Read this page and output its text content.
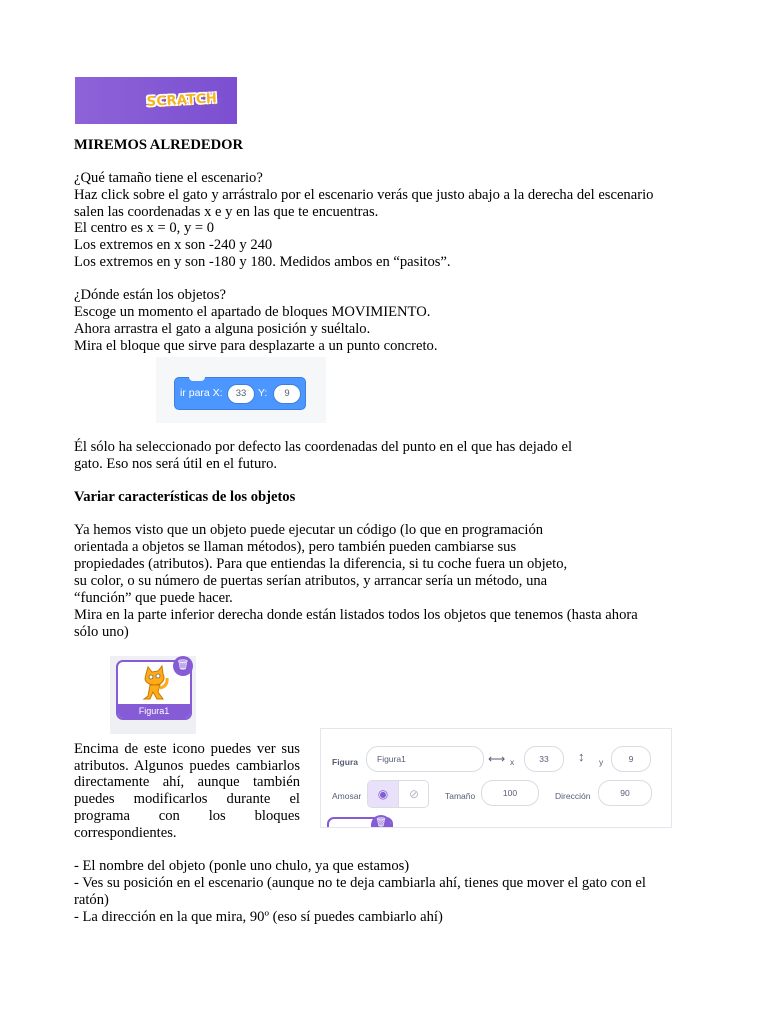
SCRATCH

MIREMOS ALREDEDOR

¿Qué tamaño tiene el escenario?

Haz click sobre el gato y arrástralo por el escenario verás que justo abajo a la derecha del escenario

salen las coordenadas x e y en las que te encuentras.

El centro es x = 0, y = 0

Los extremos en x son -240 y 240

Los extremos en y son -180 y 180. Medidos ambos en “pasitos”.

¿Dónde están los objetos?

Escoge un momento el apartado de bloques MOVIMIENTO.

Ahora arrastra el gato a alguna posición y suéltalo.

Mira el bloque que sirve para desplazarte a un punto concreto.

ir para X:	33	Y:	9

Él sólo ha seleccionado por defecto las coordenadas del punto en el que has dejado el

gato. Eso nos será útil en el futuro.

Variar características de los objetos

Ya hemos visto que un objeto puede ejecutar un código (lo que en programación

orientada a objetos se llaman métodos), pero también pueden cambiarse sus

propiedades (atributos). Para que entiendas la diferencia, si tu coche fuera un objeto,

su color, o su número de puertas serían atributos, y arrancar sería un método, una

“función” que puede hacer.

Mira en la parte inferior derecha donde están listados todos los objetos que tenemos (hasta ahora

sólo uno)

Figura1
🗑

Encima de este icono puedes ver sus atributos. Algunos puedes cambiarlos directamente ahí, aunque también puedes modificarlos durante el programa con los bloques correspondientes.

Figura	Figura1	⟷ x	33	↕ y	9
Amosar	◉	⊘	Tamaño	100	Dirección	90
🗑

- El nombre del objeto (ponle uno chulo, ya que estamos)

- Ves su posición en el escenario (aunque no te deja cambiarla ahí, tienes que mover el gato con el

ratón)

- La dirección en la que mira, 90º (eso sí puedes cambiarlo ahí)
